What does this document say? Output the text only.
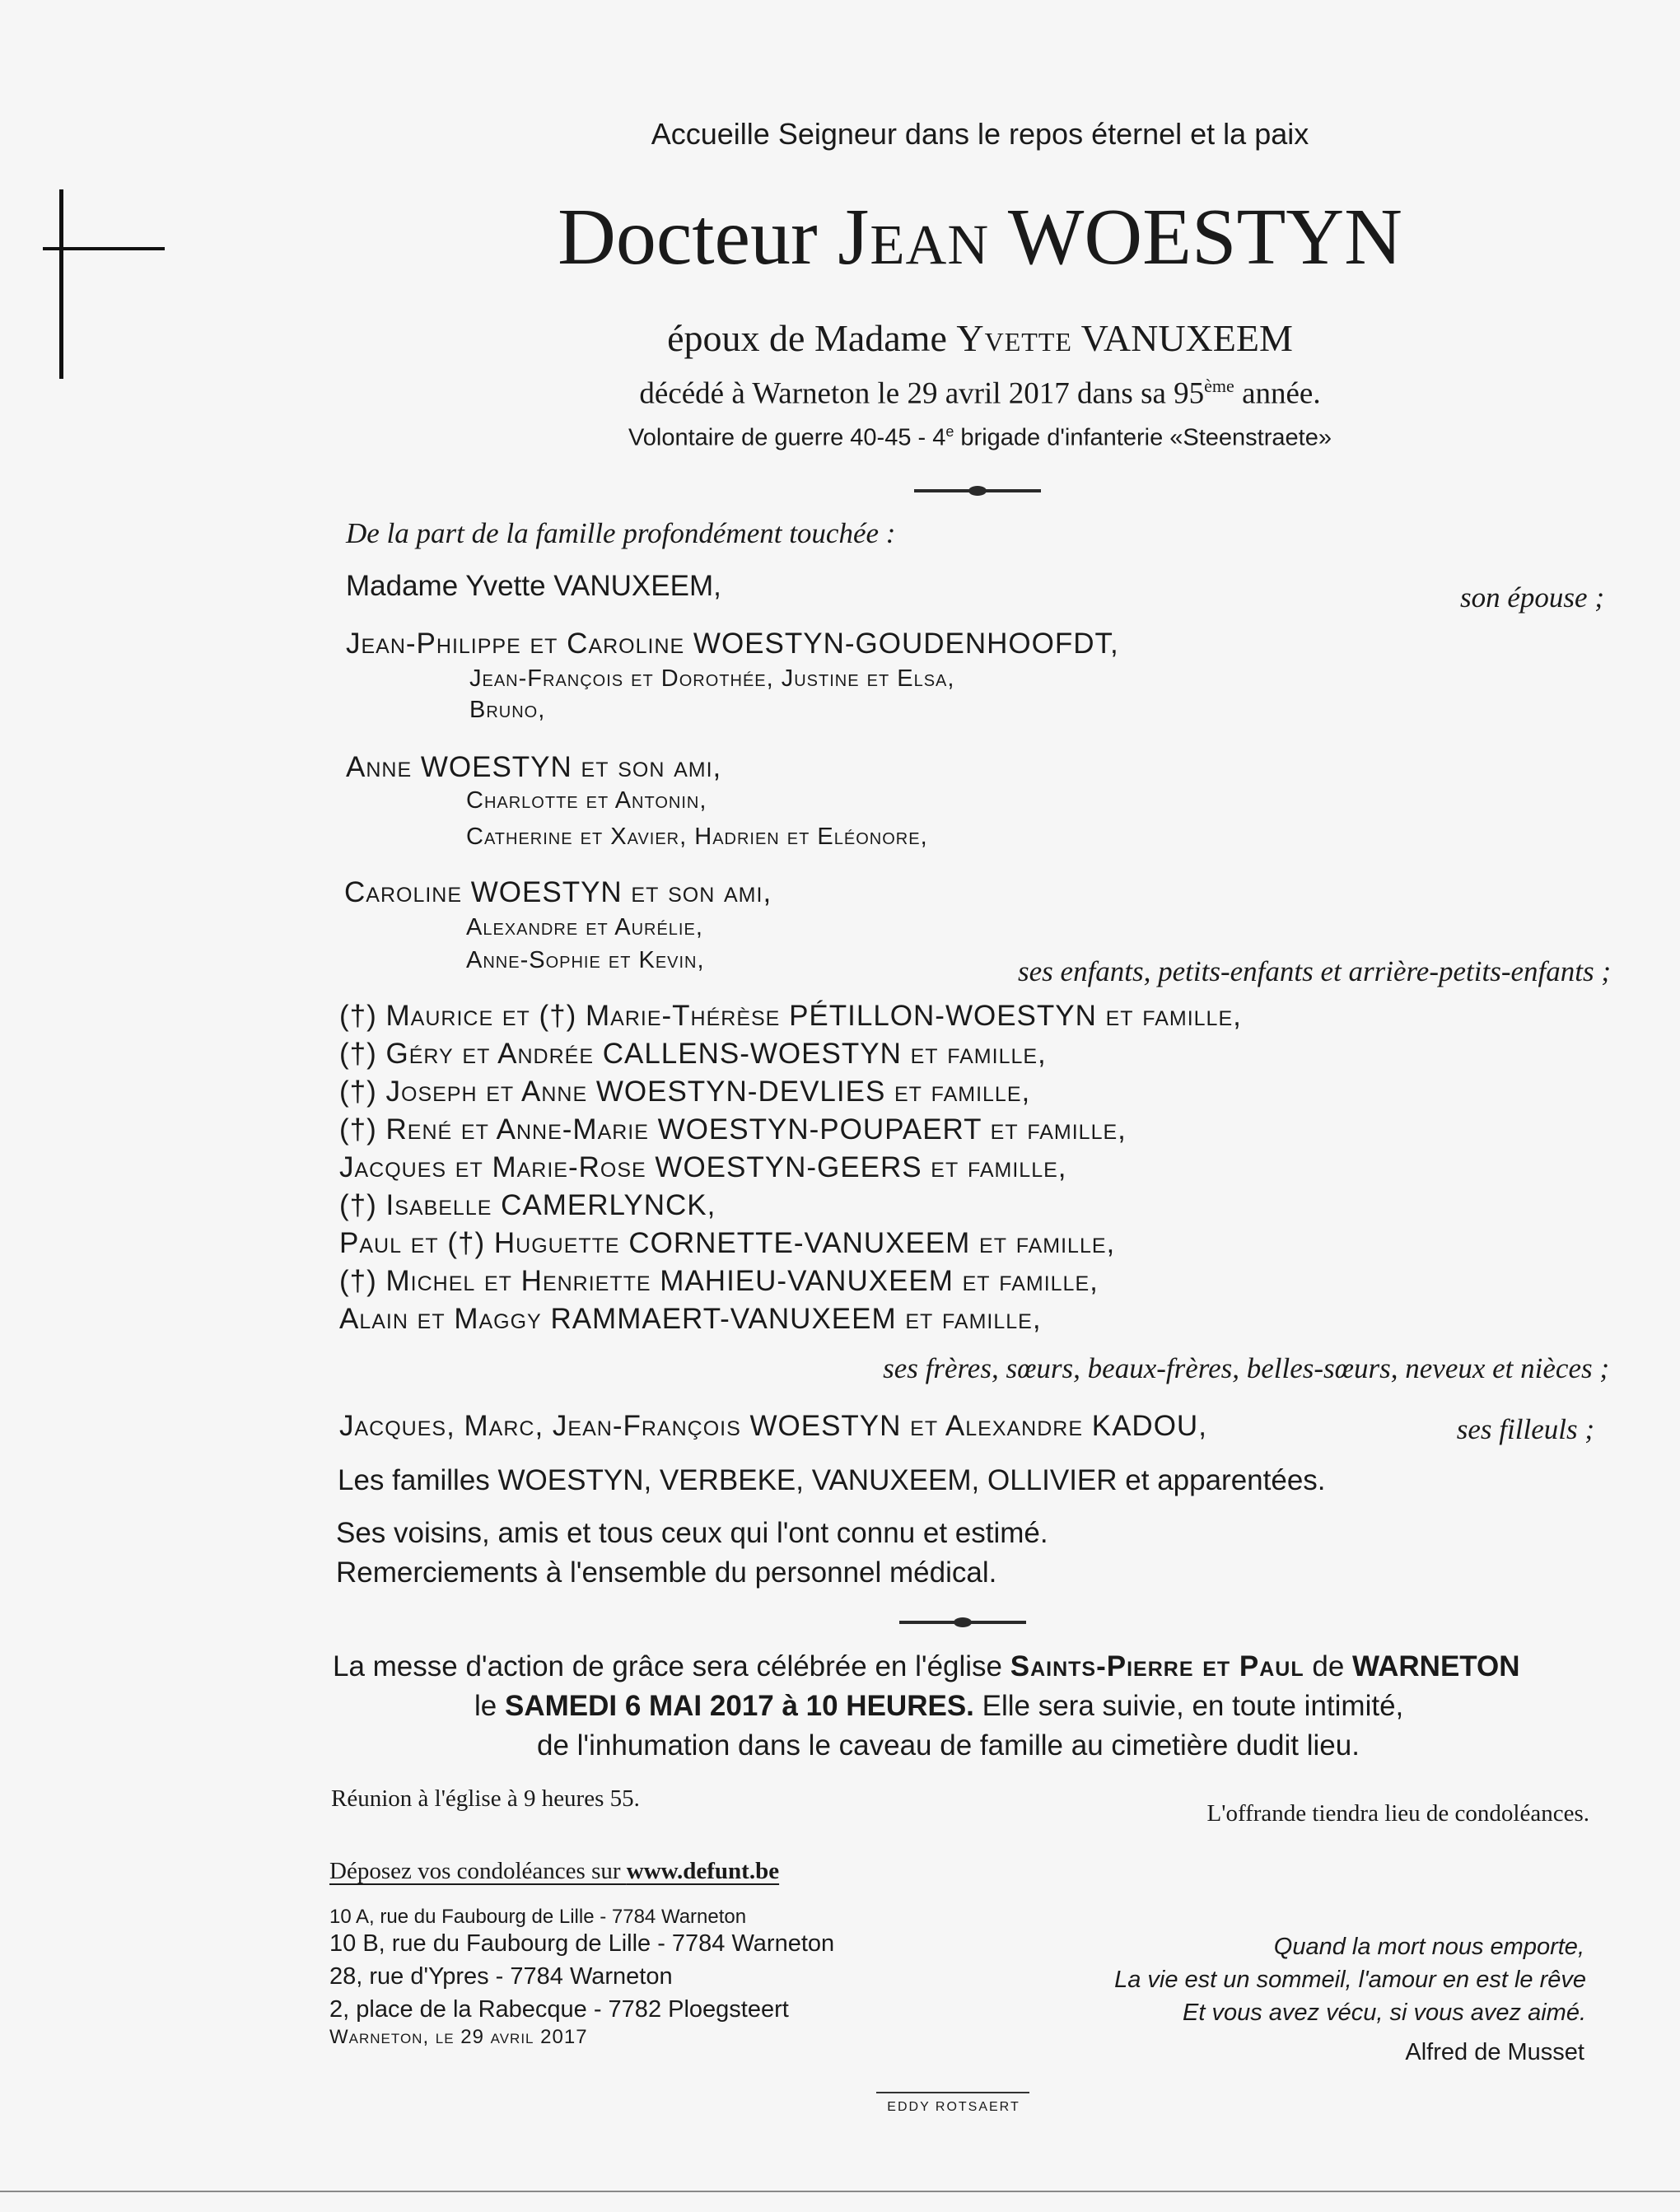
Accueille Seigneur dans le repos éternel et la paix
Docteur Jean WOESTYN
époux de Madame Yvette VANUXEEM
décédé à Warneton le 29 avril 2017 dans sa 95ème année.
Volontaire de guerre 40-45 - 4e brigade d'infanterie «Steenstraete»
De la part de la famille profondément touchée :
Madame Yvette VANUXEEM,	son épouse ;
Jean-Philippe et Caroline WOESTYN-GOUDENHOOFDT,
Jean-François et Dorothée, Justine et Elsa,
Bruno,
Anne WOESTYN et son ami,
Charlotte et Antonin,
Catherine et Xavier, Hadrien et Eléonore,
Caroline WOESTYN et son ami,
Alexandre et Aurélie,
Anne-Sophie et Kevin,	ses enfants, petits-enfants et arrière-petits-enfants ;
(†) Maurice et (†) Marie-Thérèse PÉTILLON-WOESTYN et famille,
(†) Géry et Andrée CALLENS-WOESTYN et famille,
(†) Joseph et Anne WOESTYN-DEVLIES et famille,
(†) René et Anne-Marie WOESTYN-POUPAERT et famille,
Jacques et Marie-Rose WOESTYN-GEERS et famille,
(†) Isabelle CAMERLYNCK,
Paul et (†) Huguette CORNETTE-VANUXEEM et famille,
(†) Michel et Henriette MAHIEU-VANUXEEM et famille,
Alain et Maggy RAMMAERT-VANUXEEM et famille,
ses frères, sœurs, beaux-frères, belles-sœurs, neveux et nièces ;
Jacques, Marc, Jean-François WOESTYN et Alexandre KADOU,	ses filleuls ;
Les familles WOESTYN, VERBEKE, VANUXEEM, OLLIVIER et apparentées.
Ses voisins, amis et tous ceux qui l'ont connu et estimé.
Remerciements à l'ensemble du personnel médical.
La messe d'action de grâce sera célébrée en l'église Saints-Pierre et Paul de WARNETON
le SAMEDI 6 MAI 2017 à 10 HEURES. Elle sera suivie, en toute intimité,
de l'inhumation dans le caveau de famille au cimetière dudit lieu.
Réunion à l'église à 9 heures 55.
L'offrande tiendra lieu de condoléances.
Déposez vos condoléances sur www.defunt.be
10 A, rue du Faubourg de Lille - 7784 Warneton
10 B, rue du Faubourg de Lille - 7784 Warneton
28, rue d'Ypres - 7784 Warneton
2, place de la Rabecque - 7782 Ploegsteert
Warneton, le 29 avril 2017
Quand la mort nous emporte,
La vie est un sommeil, l'amour en est le rêve
Et vous avez vécu, si vous avez aimé.
Alfred de Musset
EDDY ROTSAERT
